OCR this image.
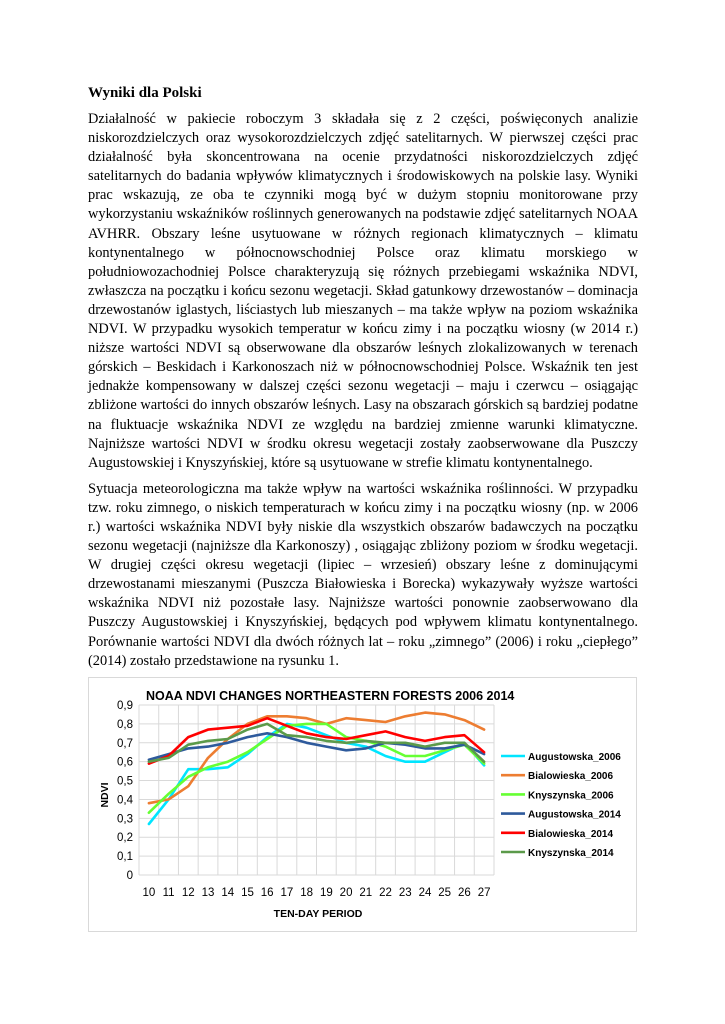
Wyniki dla Polski

Działalność w pakiecie roboczym 3 składała się z 2 części, poświęconych analizie niskorozdzielczych oraz wysokorozdzielczych zdjęć satelitarnych. W pierwszej części prac działalność była skoncentrowana na ocenie przydatności niskorozdzielczych zdjęć satelitarnych do badania wpływów klimatycznych i środowiskowych na polskie lasy. Wyniki prac wskazują, ze oba te czynniki mogą być w dużym stopniu monitorowane przy wykorzystaniu wskaźników roślinnych generowanych na podstawie zdjęć satelitarnych NOAA AVHRR. Obszary leśne usytuowane w różnych regionach klimatycznych – klimatu kontynentalnego w północnowschodniej Polsce oraz klimatu morskiego w południowozachodniej Polsce charakteryzują się różnych przebiegami wskaźnika NDVI, zwłaszcza na początku i końcu sezonu wegetacji. Skład gatunkowy drzewostanów – dominacja drzewostanów iglastych, liściastych lub mieszanych – ma także wpływ na poziom wskaźnika NDVI. W przypadku wysokich temperatur w końcu zimy i na początku wiosny (w 2014 r.) niższe wartości NDVI są obserwowane dla obszarów leśnych zlokalizowanych w terenach górskich – Beskidach i Karkonoszach niż w północnowschodniej Polsce. Wskaźnik ten jest jednakże kompensowany w dalszej części sezonu wegetacji – maju i czerwcu – osiągając zbliżone wartości do innych obszarów leśnych. Lasy na obszarach górskich są bardziej podatne na fluktuacje wskaźnika NDVI ze względu na bardziej zmienne warunki klimatyczne. Najniższe wartości NDVI w środku okresu wegetacji zostały zaobserwowane dla Puszczy Augustowskiej i Knyszyńskiej, które są usytuowane w strefie klimatu kontynentalnego.

Sytuacja meteorologiczna ma także wpływ na wartości wskaźnika roślinności. W przypadku tzw. roku zimnego, o niskich temperaturach w końcu zimy i na początku wiosny (np. w 2006 r.) wartości wskaźnika NDVI były niskie dla wszystkich obszarów badawczych na początku sezonu wegetacji (najniższe dla Karkonoszy) , osiągając zbliżony poziom w środku wegetacji. W drugiej części okresu wegetacji (lipiec – wrzesień) obszary leśne z dominującymi drzewostanami mieszanymi (Puszcza Białowieska i Borecka) wykazywały wyższe wartości wskaźnika NDVI niż pozostałe lasy. Najniższe wartości ponownie zaobserwowano dla Puszczy Augustowskiej i Knyszyńskiej, będących pod wpływem klimatu kontynentalnego. Porównanie wartości NDVI dla dwóch różnych lat – roku „zimnego” (2006) i roku „ciepłego” (2014) zostało przedstawione na rysunku 1.

NOAA NDVI CHANGES NORTHEASTERN FORESTS 2006 2014
TEN-DAY PERIOD
NDVI
0
0,1
0,2
0,3
0,4
0,5
0,6
0,7
0,8
0,9
10 11 12 13 14 15 16 17 18 19 20 21 22 23 24 25 26 27
Augustowska_2006
Bialowieska_2006
Knyszynska_2006
Augustowska_2014
Bialowieska_2014
Knyszynska_2014
